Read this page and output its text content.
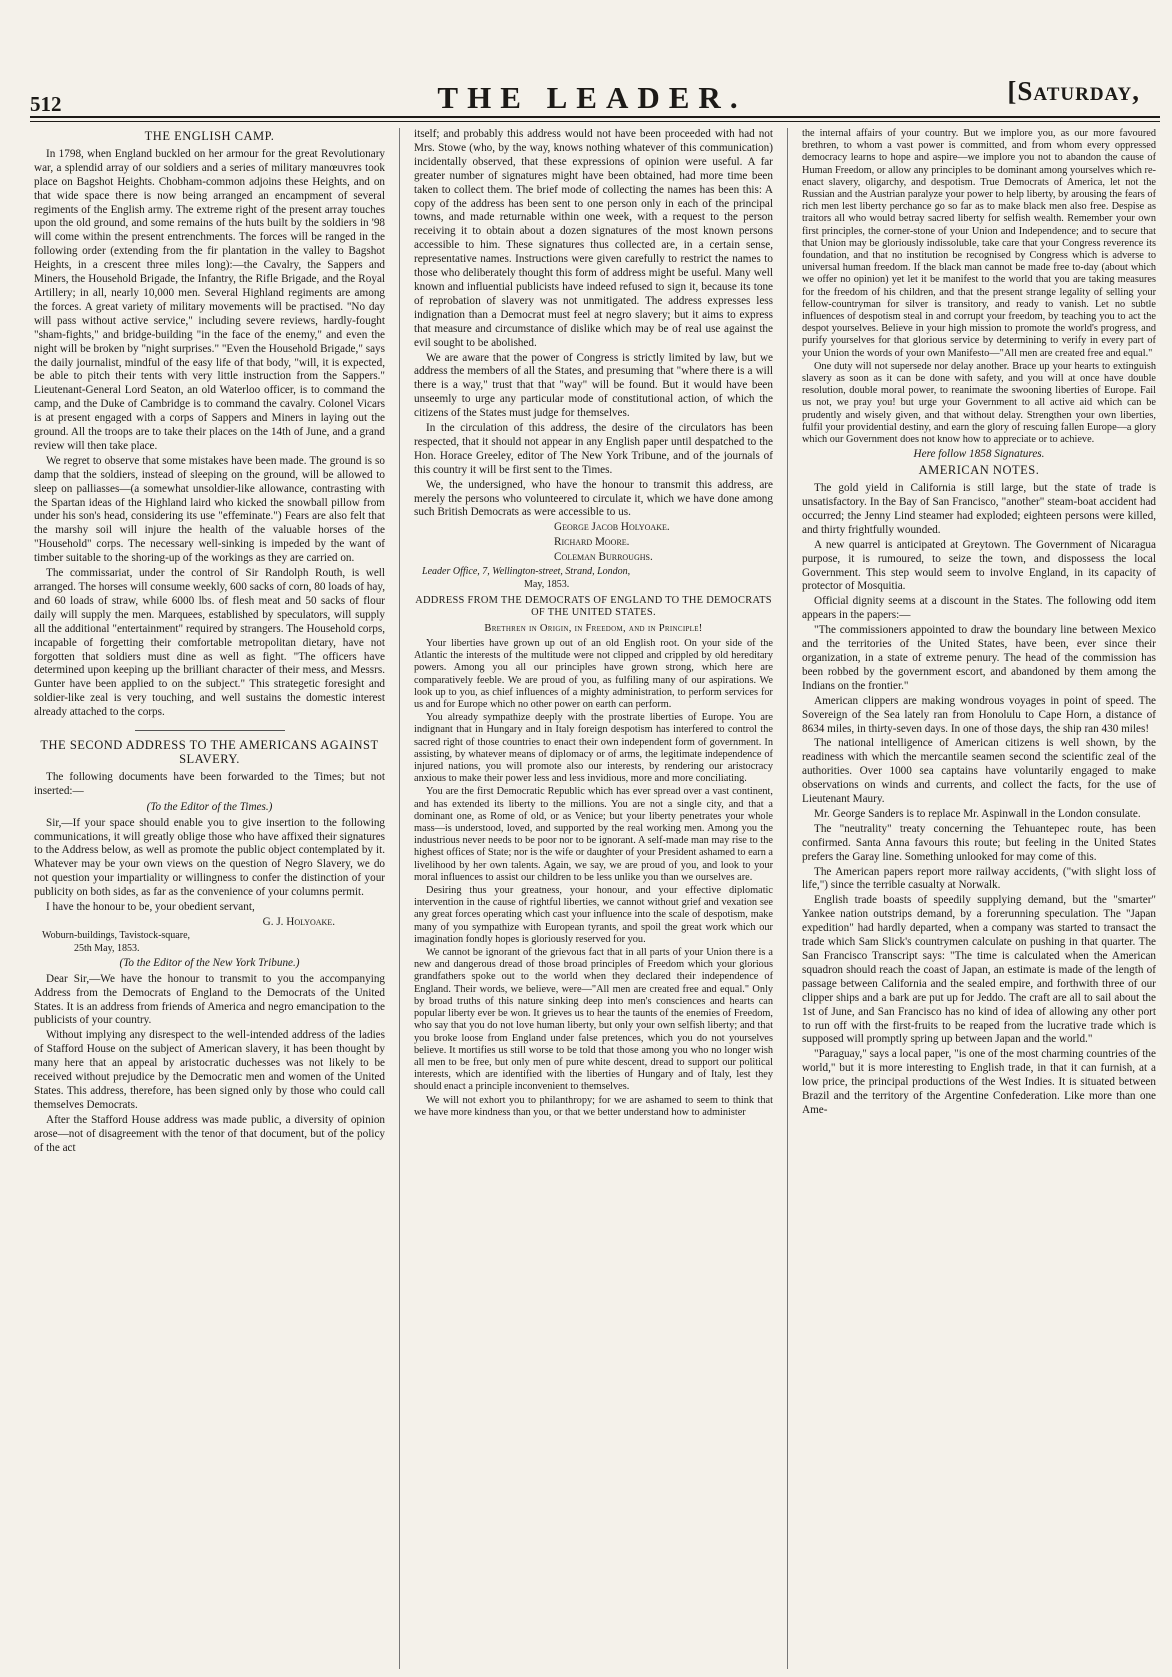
512	THE LEADER.	[Saturday,
THE ENGLISH CAMP.

In 1798, when England buckled on her armour for the great Revolutionary war, a splendid array of our soldiers and a series of military manœuvres took place on Bagshot Heights. Chobham-common adjoins these Heights, and on that wide space there is now being arranged an encampment of several regiments of the English army. The extreme right of the present array touches upon the old ground, and some remains of the huts built by the soldiers in '98 will come within the present entrenchments. The forces will be ranged in the following order (extending from the fir plantation in the valley to Bagshot Heights, in a crescent three miles long):—the Cavalry, the Sappers and Miners, the Household Brigade, the Infantry, the Rifle Brigade, and the Royal Artillery; in all, nearly 10,000 men. Several Highland regiments are among the forces. A great variety of military movements will be practised. "No day will pass without active service," including severe reviews, hardly-fought "sham-fights," and bridge-building "in the face of the enemy," and even the night will be broken by "night surprises." "Even the Household Brigade," says the daily journalist, mindful of the easy life of that body, "will, it is expected, be able to pitch their tents with very little instruction from the Sappers." Lieutenant-General Lord Seaton, an old Waterloo officer, is to command the camp, and the Duke of Cambridge is to command the cavalry. Colonel Vicars is at present engaged with a corps of Sappers and Miners in laying out the ground. All the troops are to take their places on the 14th of June, and a grand review will then take place.

We regret to observe that some mistakes have been made. The ground is so damp that the soldiers, instead of sleeping on the ground, will be allowed to sleep on palliasses—(a somewhat unsoldier-like allowance, contrasting with the Spartan ideas of the Highland laird who kicked the snowball pillow from under his son's head, considering its use "effeminate.") Fears are also felt that the marshy soil will injure the health of the valuable horses of the "Household" corps. The necessary well-sinking is impeded by the want of timber suitable to the shoring-up of the workings as they are carried on.

The commissariat, under the control of Sir Randolph Routh, is well arranged. The horses will consume weekly, 600 sacks of corn, 80 loads of hay, and 60 loads of straw, while 6000 lbs. of flesh meat and 50 sacks of flour daily will supply the men. Marquees, established by speculators, will supply all the additional "entertainment" required by strangers. The Household corps, incapable of forgetting their comfortable metropolitan dietary, have not forgotten that soldiers must dine as well as fight. "The officers have determined upon keeping up the brilliant character of their mess, and Messrs. Gunter have been applied to on the subject." This strategetic foresight and soldier-like zeal is very touching, and well sustains the domestic interest already attached to the corps.

THE SECOND ADDRESS TO THE AMERICANS AGAINST SLAVERY.

The following documents have been forwarded to the Times; but not inserted:—

(To the Editor of the Times.)

Sir,—If your space should enable you to give insertion to the following communications, it will greatly oblige those who have affixed their signatures to the Address below, as well as promote the public object contemplated by it. Whatever may be your own views on the question of Negro Slavery, we do not question your impartiality or willingness to confer the distinction of your publicity on both sides, as far as the convenience of your columns permit.

I have the honour to be, your obedient servant,

G. J. Holyoake.

Woburn-buildings, Tavistock-square,

25th May, 1853.

(To the Editor of the New York Tribune.)

Dear Sir,—We have the honour to transmit to you the accompanying Address from the Democrats of England to the Democrats of the United States. It is an address from friends of America and negro emancipation to the publicists of your country.

Without implying any disrespect to the well-intended address of the ladies of Stafford House on the subject of American slavery, it has been thought by many here that an appeal by aristocratic duchesses was not likely to be received without prejudice by the Democratic men and women of the United States. This address, therefore, has been signed only by those who could call themselves Democrats.

After the Stafford House address was made public, a diversity of opinion arose—not of disagreement with the tenor of that document, but of the policy of the act

itself; and probably this address would not have been proceeded with had not Mrs. Stowe (who, by the way, knows nothing whatever of this communication) incidentally observed, that these expressions of opinion were useful. A far greater number of signatures might have been obtained, had more time been taken to collect them. The brief mode of collecting the names has been this: A copy of the address has been sent to one person only in each of the principal towns, and made returnable within one week, with a request to the person receiving it to obtain about a dozen signatures of the most known persons accessible to him. These signatures thus collected are, in a certain sense, representative names. Instructions were given carefully to restrict the names to those who deliberately thought this form of address might be useful. Many well known and influential publicists have indeed refused to sign it, because its tone of reprobation of slavery was not unmitigated. The address expresses less indignation than a Democrat must feel at negro slavery; but it aims to express that measure and circumstance of dislike which may be of real use against the evil sought to be abolished.

We are aware that the power of Congress is strictly limited by law, but we address the members of all the States, and presuming that "where there is a will there is a way," trust that that "way" will be found. But it would have been unseemly to urge any particular mode of constitutional action, of which the citizens of the States must judge for themselves.

In the circulation of this address, the desire of the circulators has been respected, that it should not appear in any English paper until despatched to the Hon. Horace Greeley, editor of The New York Tribune, and of the journals of this country it will be first sent to the Times.

We, the undersigned, who have the honour to transmit this address, are merely the persons who volunteered to circulate it, which we have done among such British Democrats as were accessible to us.

George Jacob Holyoake.

Richard Moore.

Coleman Burroughs.

Leader Office, 7, Wellington-street, Strand, London,

May, 1853.

ADDRESS FROM THE DEMOCRATS OF ENGLAND TO THE DEMOCRATS OF THE UNITED STATES.
Brethren in Origin, in Freedom, and in Principle!

Your liberties have grown up out of an old English root. On your side of the Atlantic the interests of the multitude were not clipped and crippled by old hereditary powers. Among you all our principles have grown strong, which here are comparatively feeble. We are proud of you, as fulfiling many of our aspirations. We look up to you, as chief influences of a mighty administration, to perform services for us and for Europe which no other power on earth can perform.

You already sympathize deeply with the prostrate liberties of Europe. You are indignant that in Hungary and in Italy foreign despotism has interfered to control the sacred right of those countries to enact their own independent form of government. In assisting, by whatever means of diplomacy or of arms, the legitimate independence of injured nations, you will promote also our interests, by rendering our aristocracy anxious to make their power less and less invidious, more and more conciliating.

You are the first Democratic Republic which has ever spread over a vast continent, and has extended its liberty to the millions. You are not a single city, and that a dominant one, as Rome of old, or as Venice; but your liberty penetrates your whole mass—is understood, loved, and supported by the real working men. Among you the industrious never needs to be poor nor to be ignorant. A self-made man may rise to the highest offices of State; nor is the wife or daughter of your President ashamed to earn a livelihood by her own talents. Again, we say, we are proud of you, and look to your moral influences to assist our children to be less unlike you than we ourselves are.

Desiring thus your greatness, your honour, and your effective diplomatic intervention in the cause of rightful liberties, we cannot without grief and vexation see any great forces operating which cast your influence into the scale of despotism, make many of you sympathize with European tyrants, and spoil the great work which our imagination fondly hopes is gloriously reserved for you.

We cannot be ignorant of the grievous fact that in all parts of your Union there is a new and dangerous dread of those broad principles of Freedom which your glorious grandfathers spoke out to the world when they declared their independence of England. Their words, we believe, were—"All men are created free and equal." Only by broad truths of this nature sinking deep into men's consciences and hearts can popular liberty ever be won. It grieves us to hear the taunts of the enemies of Freedom, who say that you do not love human liberty, but only your own selfish liberty; and that you broke loose from England under false pretences, which you do not yourselves believe. It mortifies us still worse to be told that those among you who no longer wish all men to be free, but only men of pure white descent, dread to support our political interests, which are identified with the liberties of Hungary and of Italy, lest they should enact a principle inconvenient to themselves.

We will not exhort you to philanthropy; for we are ashamed to seem to think that we have more kindness than you, or that we better understand how to administer

the internal affairs of your country. But we implore you, as our more favoured brethren, to whom a vast power is committed, and from whom every oppressed democracy learns to hope and aspire—we implore you not to abandon the cause of Human Freedom, or allow any principles to be dominant among yourselves which re-enact slavery, oligarchy, and despotism. True Democrats of America, let not the Russian and the Austrian paralyze your power to help liberty, by arousing the fears of rich men lest liberty perchance go so far as to make black men also free. Despise as traitors all who would betray sacred liberty for selfish wealth. Remember your own first principles, the corner-stone of your Union and Independence; and to secure that that Union may be gloriously indissoluble, take care that your Congress reverence its foundation, and that no institution be recognised by Congress which is adverse to universal human freedom. If the black man cannot be made free to-day (about which we offer no opinion) yet let it be manifest to the world that you are taking measures for the freedom of his children, and that the present strange legality of selling your fellow-countryman for silver is transitory, and ready to vanish. Let no subtle influences of despotism steal in and corrupt your freedom, by teaching you to act the despot yourselves. Believe in your high mission to promote the world's progress, and purify yourselves for that glorious service by determining to verify in every part of your Union the words of your own Manifesto—"All men are created free and equal."

One duty will not supersede nor delay another. Brace up your hearts to extinguish slavery as soon as it can be done with safety, and you will at once have double resolution, double moral power, to reanimate the swooning liberties of Europe. Fail us not, we pray you! but urge your Government to all active aid which can be prudently and wisely given, and that without delay. Strengthen your own liberties, fulfil your providential destiny, and earn the glory of rescuing fallen Europe—a glory which our Government does not know how to appreciate or to achieve.

Here follow 1858 Signatures.

AMERICAN NOTES.

The gold yield in California is still large, but the state of trade is unsatisfactory. In the Bay of San Francisco, "another" steam-boat accident had occurred; the Jenny Lind steamer had exploded; eighteen persons were killed, and thirty frightfully wounded.

A new quarrel is anticipated at Greytown. The Government of Nicaragua purpose, it is rumoured, to seize the town, and dispossess the local Government. This step would seem to involve England, in its capacity of protector of Mosquitia.

Official dignity seems at a discount in the States. The following odd item appears in the papers:—

"The commissioners appointed to draw the boundary line between Mexico and the territories of the United States, have been, ever since their organization, in a state of extreme penury. The head of the commission has been robbed by the government escort, and abandoned by them among the Indians on the frontier."

American clippers are making wondrous voyages in point of speed. The Sovereign of the Sea lately ran from Honolulu to Cape Horn, a distance of 8634 miles, in thirty-seven days. In one of those days, the ship ran 430 miles!

The national intelligence of American citizens is well shown, by the readiness with which the mercantile seamen second the scientific zeal of the authorities. Over 1000 sea captains have voluntarily engaged to make observations on winds and currents, and collect the facts, for the use of Lieutenant Maury.

Mr. George Sanders is to replace Mr. Aspinwall in the London consulate.

The "neutrality" treaty concerning the Tehuantepec route, has been confirmed. Santa Anna favours this route; but feeling in the United States prefers the Garay line. Something unlooked for may come of this.

The American papers report more railway accidents, ("with slight loss of life,") since the terrible casualty at Norwalk.

English trade boasts of speedily supplying demand, but the "smarter" Yankee nation outstrips demand, by a forerunning speculation. The "Japan expedition" had hardly departed, when a company was started to transact the trade which Sam Slick's countrymen calculate on pushing in that quarter. The San Francisco Transcript says: "The time is calculated when the American squadron should reach the coast of Japan, an estimate is made of the length of passage between California and the sealed empire, and forthwith three of our clipper ships and a bark are put up for Jeddo. The craft are all to sail about the 1st of June, and San Francisco has no kind of idea of allowing any other port to run off with the first-fruits to be reaped from the lucrative trade which is supposed will promptly spring up between Japan and the world."

"Paraguay," says a local paper, "is one of the most charming countries of the world," but it is more interesting to English trade, in that it can furnish, at a low price, the principal productions of the West Indies. It is situated between Brazil and the territory of the Argentine Confederation. Like more than one Ame-
